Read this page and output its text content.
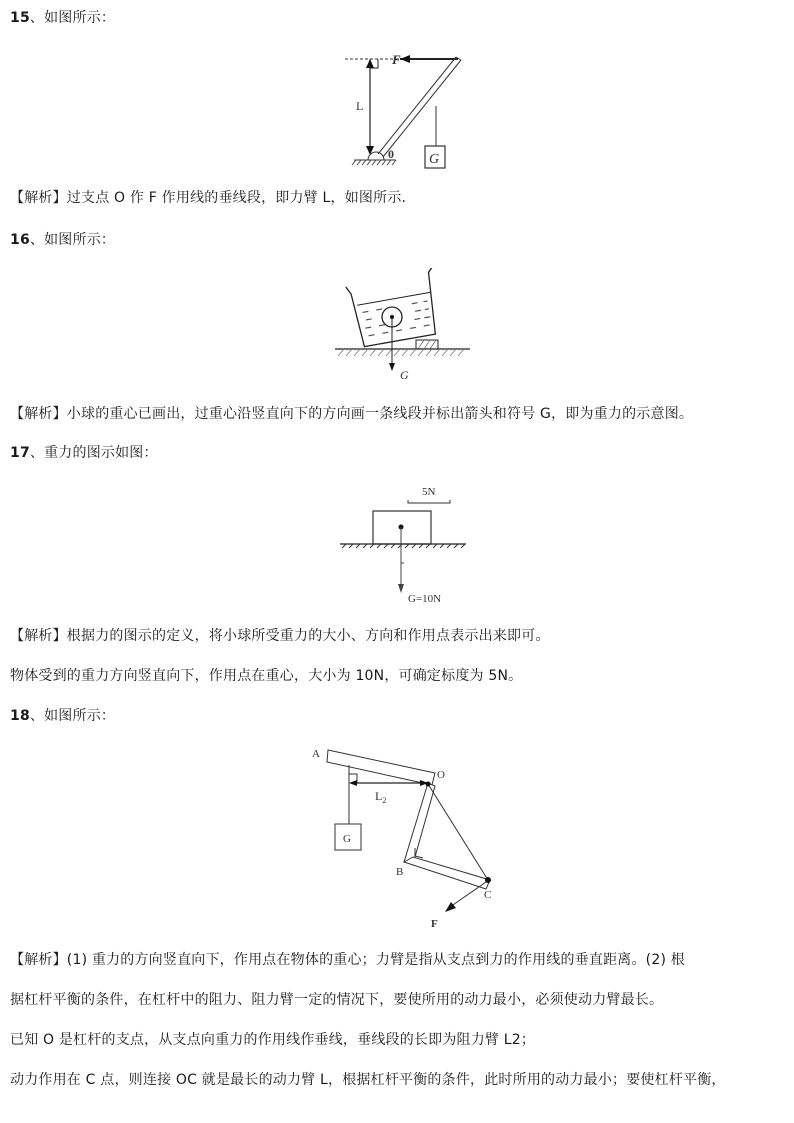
15、如图所示：
F
L
0	G
【解析】过支点 O 作 F 作用线的垂线段，即力臂 L，如图所示.
16、如图所示：
G
【解析】小球的重心已画出，过重心沿竖直向下的方向画一条线段并标出箭头和符号 G，即为重力的示意图。
17、重力的图示如图：
5N
G=10N
【解析】根据力的图示的定义，将小球所受重力的大小、方向和作用点表示出来即可。
物体受到的重力方向竖直向下，作用点在重心，大小为 10N，可确定标度为 5N。
18、如图所示：
A
O
$L_2$
G
B
C
F
【解析】(1) 重力的方向竖直向下，作用点在物体的重心；力臂是指从支点到力的作用线的垂直距离。(2) 根
据杠杆平衡的条件，在杠杆中的阻力、阻力臂一定的情况下，要使所用的动力最小，必须使动力臂最长。
已知 O 是杠杆的支点，从支点向重力的作用线作垂线，垂线段的长即为阻力臂 L2；
动力作用在 C 点，则连接 OC 就是最长的动力臂 L，根据杠杆平衡的条件，此时所用的动力最小；要使杠杆平衡，
